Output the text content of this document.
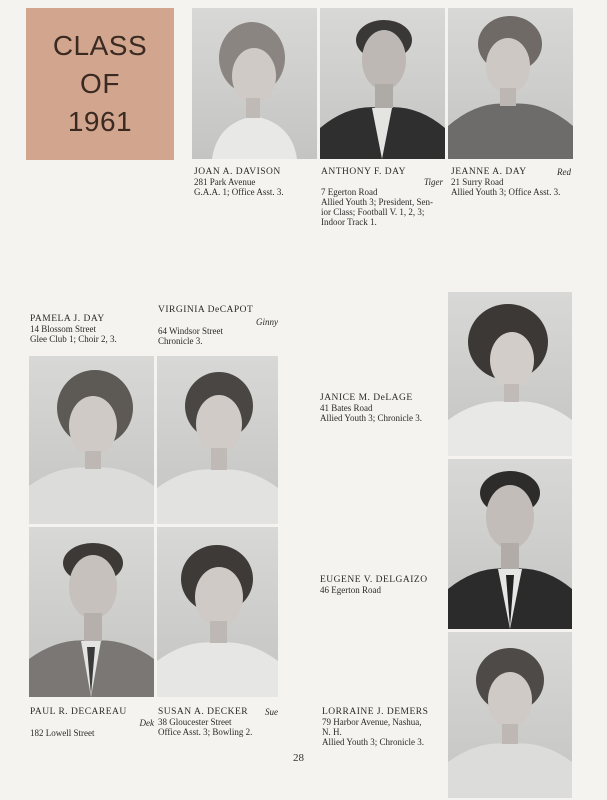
CLASS
OF
1961
JOAN A. DAVISON
281 Park Avenue
G.A.A. 1; Office Asst. 3.
ANTHONY F. DAY
Tiger
7 Egerton Road
Allied Youth 3; President, Sen-
ior Class; Football V. 1, 2, 3;
Indoor Track 1.
JEANNE A. DAY	Red
21 Surry Road
Allied Youth 3; Office Asst. 3.
PAMELA J. DAY
14 Blossom Street
Glee Club 1; Choir 2, 3.
VIRGINIA DeCAPOT
Ginny
64 Windsor Street
Chronicle 3.
JANICE M. DeLAGE
41 Bates Road
Allied Youth 3; Chronicle 3.
EUGENE V. DELGAIZO
46 Egerton Road
LORRAINE J. DEMERS
79 Harbor Avenue, Nashua,
N. H.
Allied Youth 3; Chronicle 3.
PAUL R. DECAREAU
Dek
182 Lowell Street
SUSAN A. DECKER	Sue
38 Gloucester Street
Office Asst. 3; Bowling 2.
28
